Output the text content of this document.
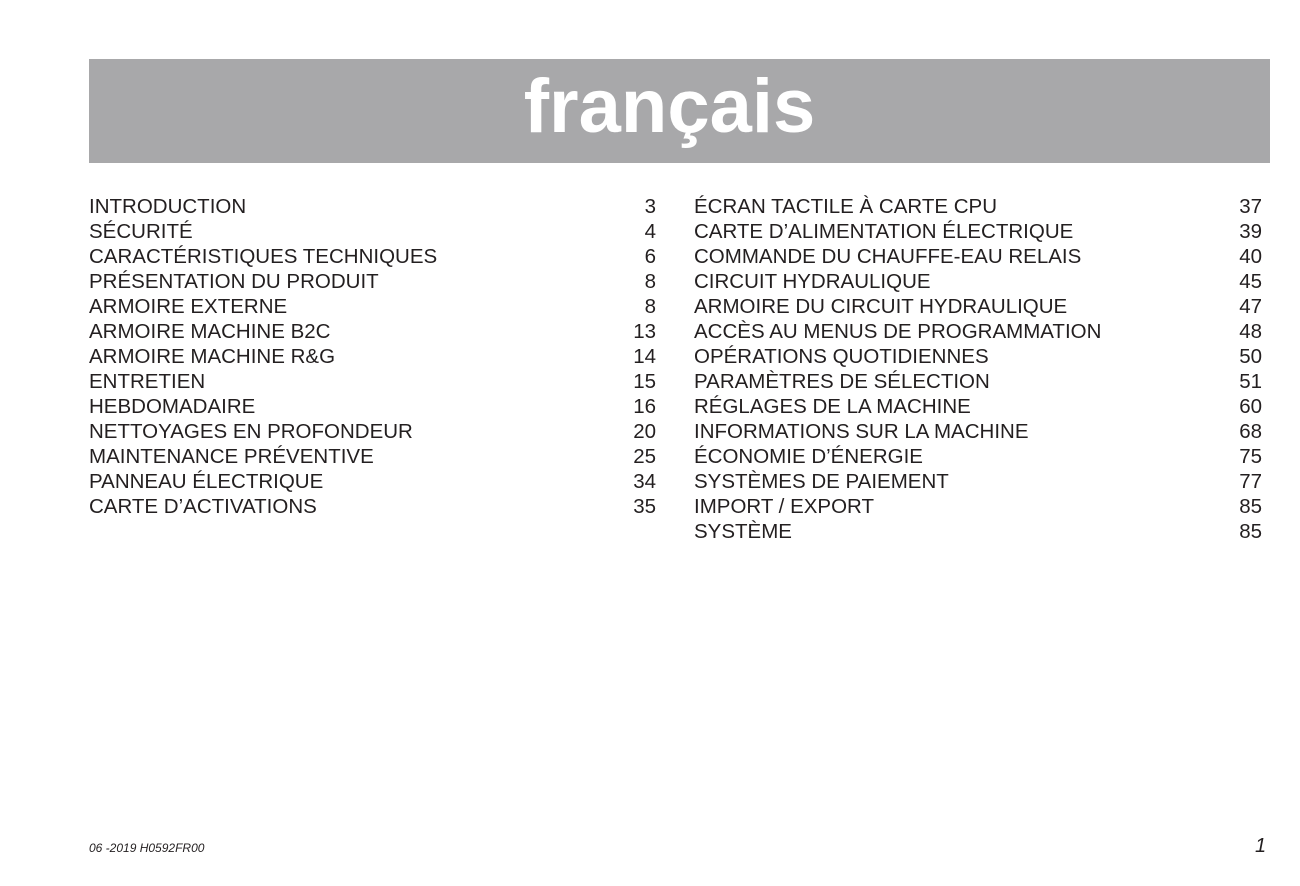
français
INTRODUCTION	3
SÉCURITÉ	4
CARACTÉRISTIQUES TECHNIQUES	6
PRÉSENTATION DU PRODUIT	8
ARMOIRE EXTERNE	8
ARMOIRE MACHINE B2C	13
ARMOIRE MACHINE R&G	14
ENTRETIEN	15
HEBDOMADAIRE	16
NETTOYAGES EN PROFONDEUR	20
MAINTENANCE PRÉVENTIVE	25
PANNEAU ÉLECTRIQUE	34
CARTE D’ACTIVATIONS	35
ÉCRAN TACTILE À CARTE CPU	37
CARTE D’ALIMENTATION ÉLECTRIQUE	39
COMMANDE DU CHAUFFE-EAU RELAIS	40
CIRCUIT HYDRAULIQUE	45
ARMOIRE DU CIRCUIT HYDRAULIQUE	47
ACCÈS AU MENUS DE PROGRAMMATION	48
OPÉRATIONS QUOTIDIENNES	50
PARAMÈTRES DE SÉLECTION	51
RÉGLAGES DE LA MACHINE	60
INFORMATIONS SUR LA MACHINE	68
ÉCONOMIE D’ÉNERGIE	75
SYSTÈMES DE PAIEMENT	77
IMPORT / EXPORT	85
SYSTÈME	85
06 -2019 H0592FR00	1
